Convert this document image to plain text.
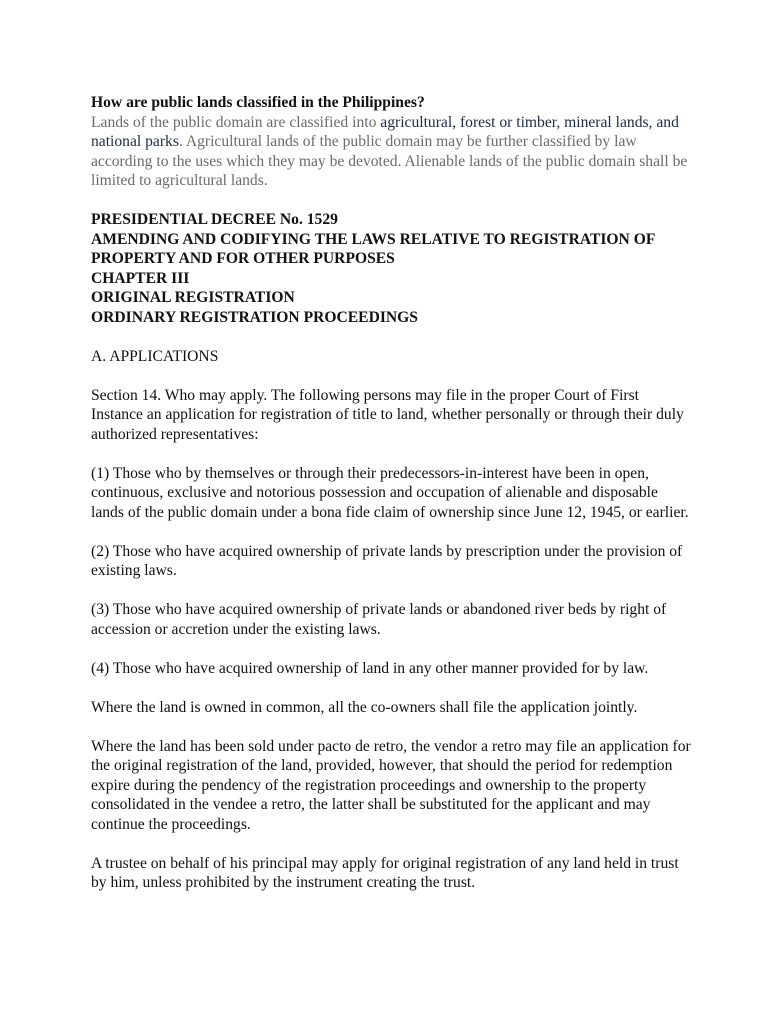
How are public lands classified in the Philippines?

Lands of the public domain are classified into agricultural, forest or timber, mineral lands, and national parks. Agricultural lands of the public domain may be further classified by law according to the uses which they may be devoted. Alienable lands of the public domain shall be limited to agricultural lands.

PRESIDENTIAL DECREE No. 1529

AMENDING AND CODIFYING THE LAWS RELATIVE TO REGISTRATION OF PROPERTY AND FOR OTHER PURPOSES

CHAPTER III

ORIGINAL REGISTRATION

ORDINARY REGISTRATION PROCEEDINGS

A. APPLICATIONS

Section 14. Who may apply. The following persons may file in the proper Court of First Instance an application for registration of title to land, whether personally or through their duly authorized representatives:

(1) Those who by themselves or through their predecessors-in-interest have been in open, continuous, exclusive and notorious possession and occupation of alienable and disposable lands of the public domain under a bona fide claim of ownership since June 12, 1945, or earlier.

(2) Those who have acquired ownership of private lands by prescription under the provision of existing laws.

(3) Those who have acquired ownership of private lands or abandoned river beds by right of accession or accretion under the existing laws.

(4) Those who have acquired ownership of land in any other manner provided for by law.

Where the land is owned in common, all the co-owners shall file the application jointly.

Where the land has been sold under pacto de retro, the vendor a retro may file an application for the original registration of the land, provided, however, that should the period for redemption expire during the pendency of the registration proceedings and ownership to the property consolidated in the vendee a retro, the latter shall be substituted for the applicant and may continue the proceedings.

A trustee on behalf of his principal may apply for original registration of any land held in trust by him, unless prohibited by the instrument creating the trust.
